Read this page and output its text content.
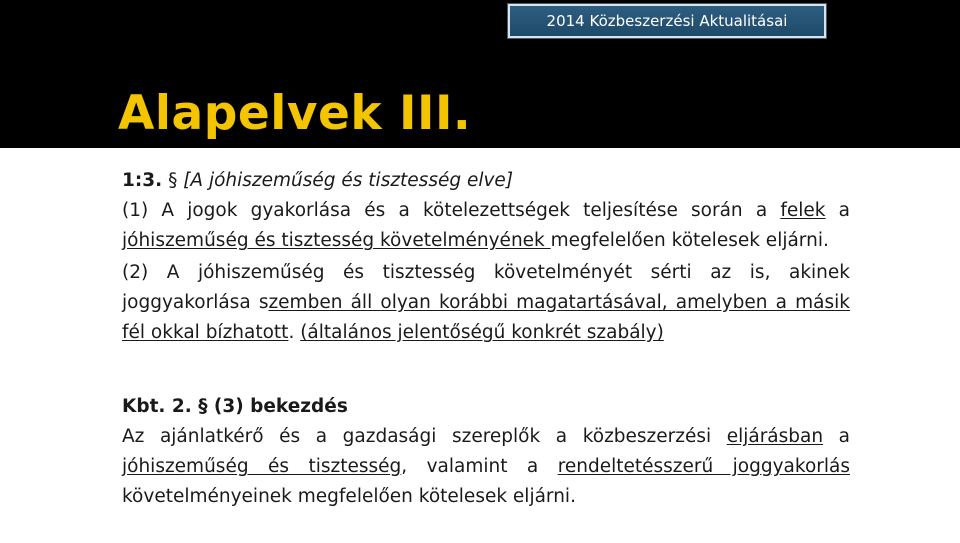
2014 Közbeszerzési Aktualitásai
Alapelvek III.

1:3. § [A jóhiszeműség és tisztesség elve]

(1) A jogok gyakorlása és a kötelezettségek teljesítése során a felek a jóhiszeműség és tisztesség követelményének megfelelően kötelesek eljárni.

(2) A jóhiszeműség és tisztesség követelményét sérti az is, akinek joggyakorlása szemben áll olyan korábbi magatartásával, amelyben a másik fél okkal bízhatott. (általános jelentőségű konkrét szabály)

Kbt. 2. § (3) bekezdés

Az ajánlatkérő és a gazdasági szereplők a közbeszerzési eljárásban a jóhiszeműség és tisztesség, valamint a rendeltetésszerű joggyakorlás követelményeinek megfelelően kötelesek eljárni.
